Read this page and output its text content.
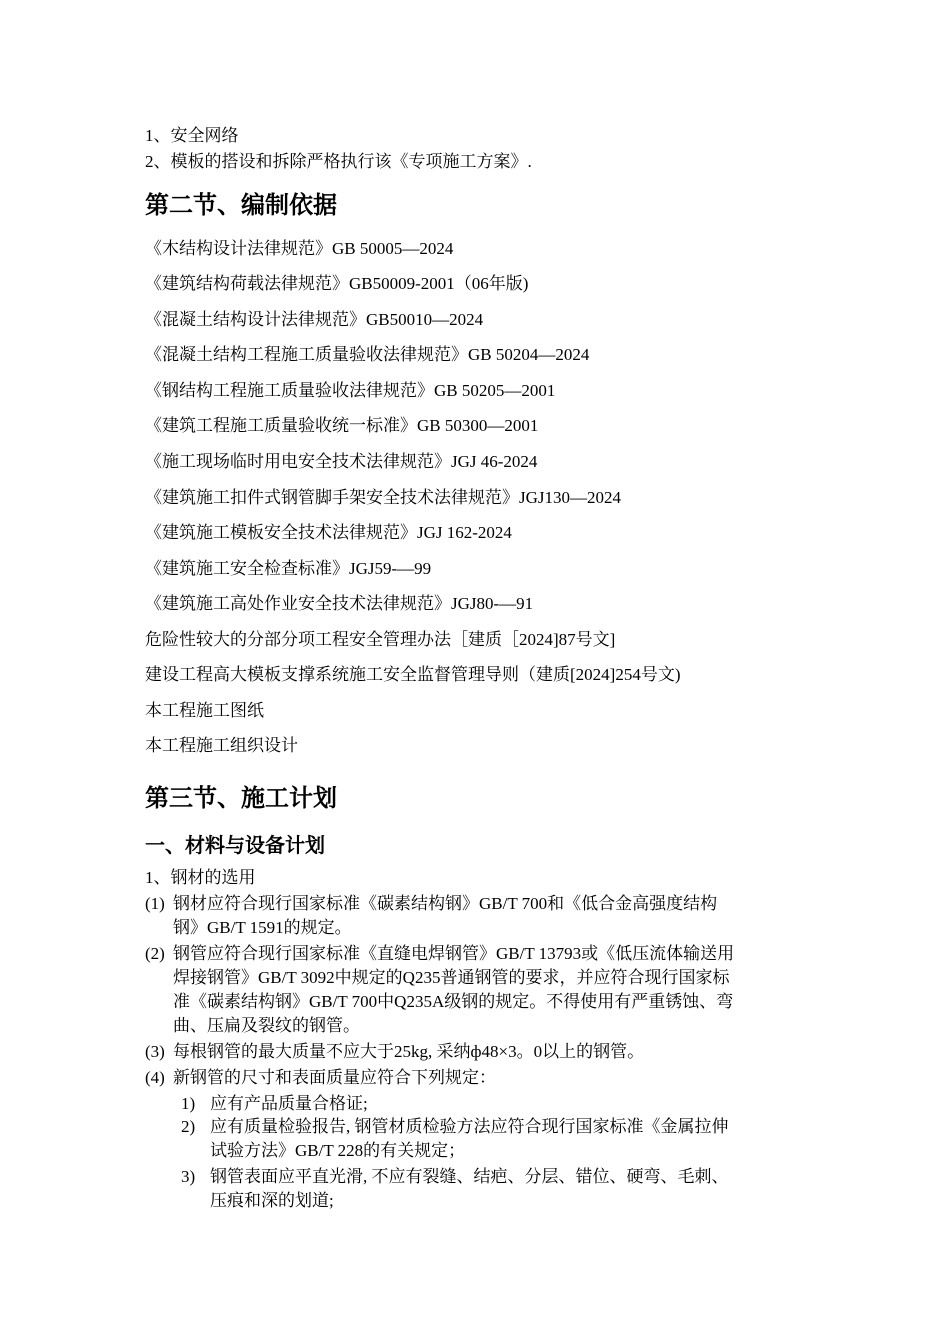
1、安全网络
2、模板的搭设和拆除严格执行该《专项施工方案》.
第二节、编制依据
《木结构设计法律规范》GB 50005—2024
《建筑结构荷载法律规范》GB50009-2001（06年版)
《混凝土结构设计法律规范》GB50010—2024
《混凝土结构工程施工质量验收法律规范》GB 50204—2024
《钢结构工程施工质量验收法律规范》GB 50205—2001
《建筑工程施工质量验收统一标准》GB 50300—2001
《施工现场临时用电安全技术法律规范》JGJ 46-2024
《建筑施工扣件式钢管脚手架安全技术法律规范》JGJ130—2024
《建筑施工模板安全技术法律规范》JGJ 162-2024
《建筑施工安全检查标准》JGJ59-—99
《建筑施工高处作业安全技术法律规范》JGJ80-—91
危险性较大的分部分项工程安全管理办法［建质［2024]87号文]
建设工程高大模板支撑系统施工安全监督管理导则（建质[2024]254号文)
本工程施工图纸
本工程施工组织设计
第三节、施工计划
一、材料与设备计划
1、钢材的选用
(1) 钢材应符合现行国家标准《碳素结构钢》GB/T 700和《低合金高强度结构
钢》GB/T 1591的规定。
(2) 钢管应符合现行国家标准《直缝电焊钢管》GB/T 13793或《低压流体输送用
焊接钢管》GB/T 3092中规定的Q235普通钢管的要求，并应符合现行国家标
准《碳素结构钢》GB/T 700中Q235A级钢的规定。不得使用有严重锈蚀、弯
曲、压扁及裂纹的钢管。
(3) 每根钢管的最大质量不应大于25kg, 采纳ф48×3。0以上的钢管。
(4) 新钢管的尺寸和表面质量应符合下列规定：
1) 应有产品质量合格证;
2) 应有质量检验报告, 钢管材质检验方法应符合现行国家标准《金属拉伸
试验方法》GB/T 228的有关规定；
3) 钢管表面应平直光滑, 不应有裂缝、结疤、分层、错位、硬弯、毛刺、
压痕和深的划道;
